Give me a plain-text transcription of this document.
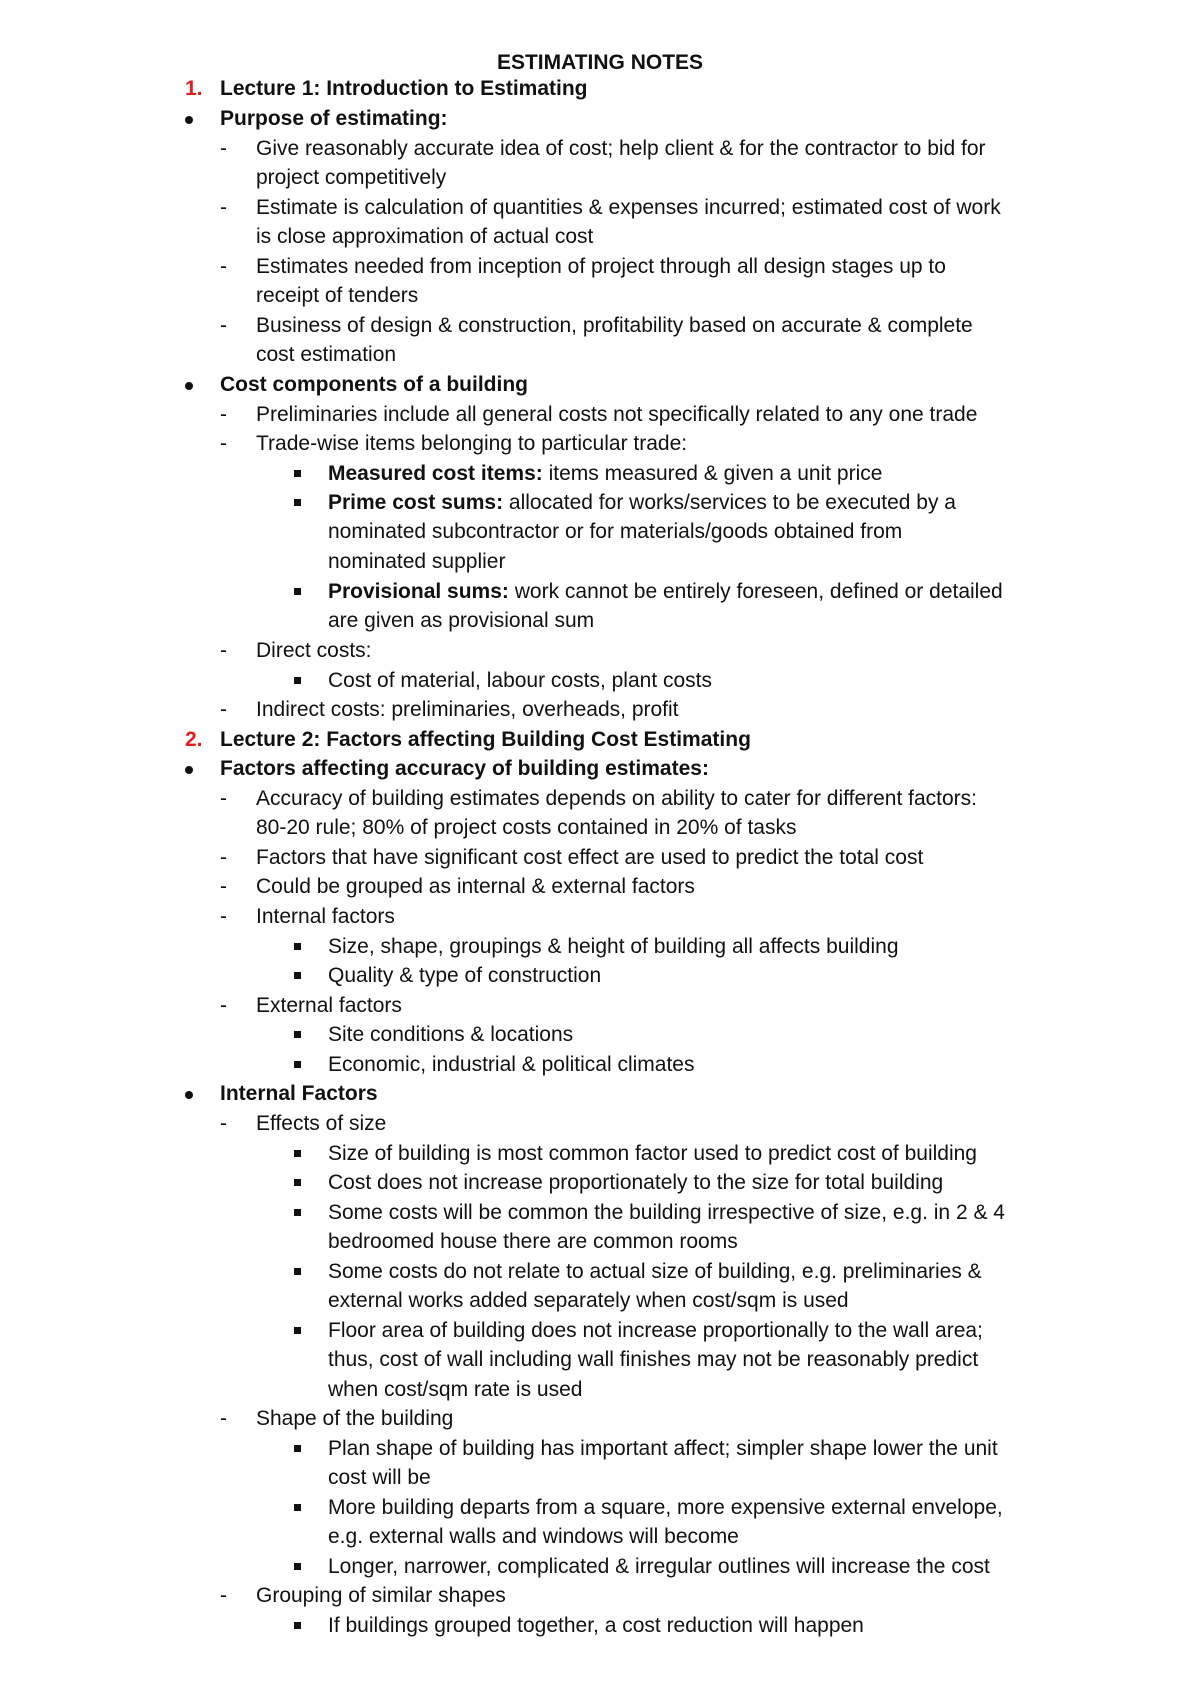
ESTIMATING NOTES
1. Lecture 1: Introduction to Estimating
Purpose of estimating:
- Give reasonably accurate idea of cost; help client & for the contractor to bid for
project competitively
- Estimate is calculation of quantities & expenses incurred; estimated cost of work
is close approximation of actual cost
- Estimates needed from inception of project through all design stages up to
receipt of tenders
- Business of design & construction, profitability based on accurate & complete
cost estimation
Cost components of a building
- Preliminaries include all general costs not specifically related to any one trade
- Trade-wise items belonging to particular trade:
Measured cost items: items measured & given a unit price
Prime cost sums: allocated for works/services to be executed by a
nominated subcontractor or for materials/goods obtained from
nominated supplier
Provisional sums: work cannot be entirely foreseen, defined or detailed
are given as provisional sum
- Direct costs:
Cost of material, labour costs, plant costs
- Indirect costs: preliminaries, overheads, profit
2. Lecture 2: Factors affecting Building Cost Estimating
Factors affecting accuracy of building estimates:
- Accuracy of building estimates depends on ability to cater for different factors:
80-20 rule; 80% of project costs contained in 20% of tasks
- Factors that have significant cost effect are used to predict the total cost
- Could be grouped as internal & external factors
- Internal factors
Size, shape, groupings & height of building all affects building
Quality & type of construction
- External factors
Site conditions & locations
Economic, industrial & political climates
Internal Factors
- Effects of size
Size of building is most common factor used to predict cost of building
Cost does not increase proportionately to the size for total building
Some costs will be common the building irrespective of size, e.g. in 2 & 4
bedroomed house there are common rooms
Some costs do not relate to actual size of building, e.g. preliminaries &
external works added separately when cost/sqm is used
Floor area of building does not increase proportionally to the wall area;
thus, cost of wall including wall finishes may not be reasonably predict
when cost/sqm rate is used
- Shape of the building
Plan shape of building has important affect; simpler shape lower the unit
cost will be
More building departs from a square, more expensive external envelope,
e.g. external walls and windows will become
Longer, narrower, complicated & irregular outlines will increase the cost
- Grouping of similar shapes
If buildings grouped together, a cost reduction will happen
